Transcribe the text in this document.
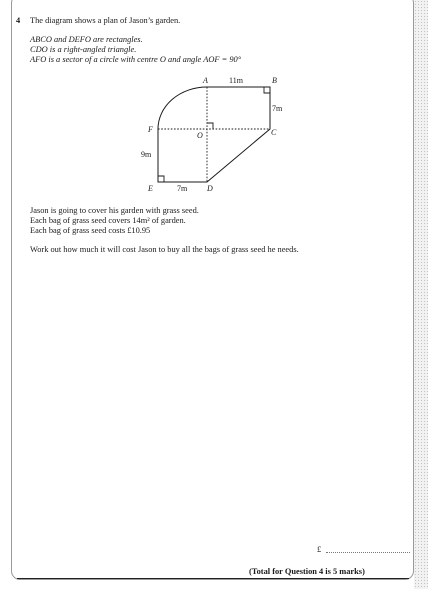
4 The diagram shows a plan of Jason’s garden.
ABCO and DEFO are rectangles.
CDO is a right-angled triangle.
AFO is a sector of a circle with centre O and angle AOF = 90°
A	B
C
D
E
F
O
11m
7m
9m
7m
Jason is going to cover his garden with grass seed.
Each bag of grass seed covers 14m² of garden.
Each bag of grass seed costs £10.95
Work out how much it will cost Jason to buy all the bags of grass seed he needs.
£
(Total for Question 4 is 5 marks)
